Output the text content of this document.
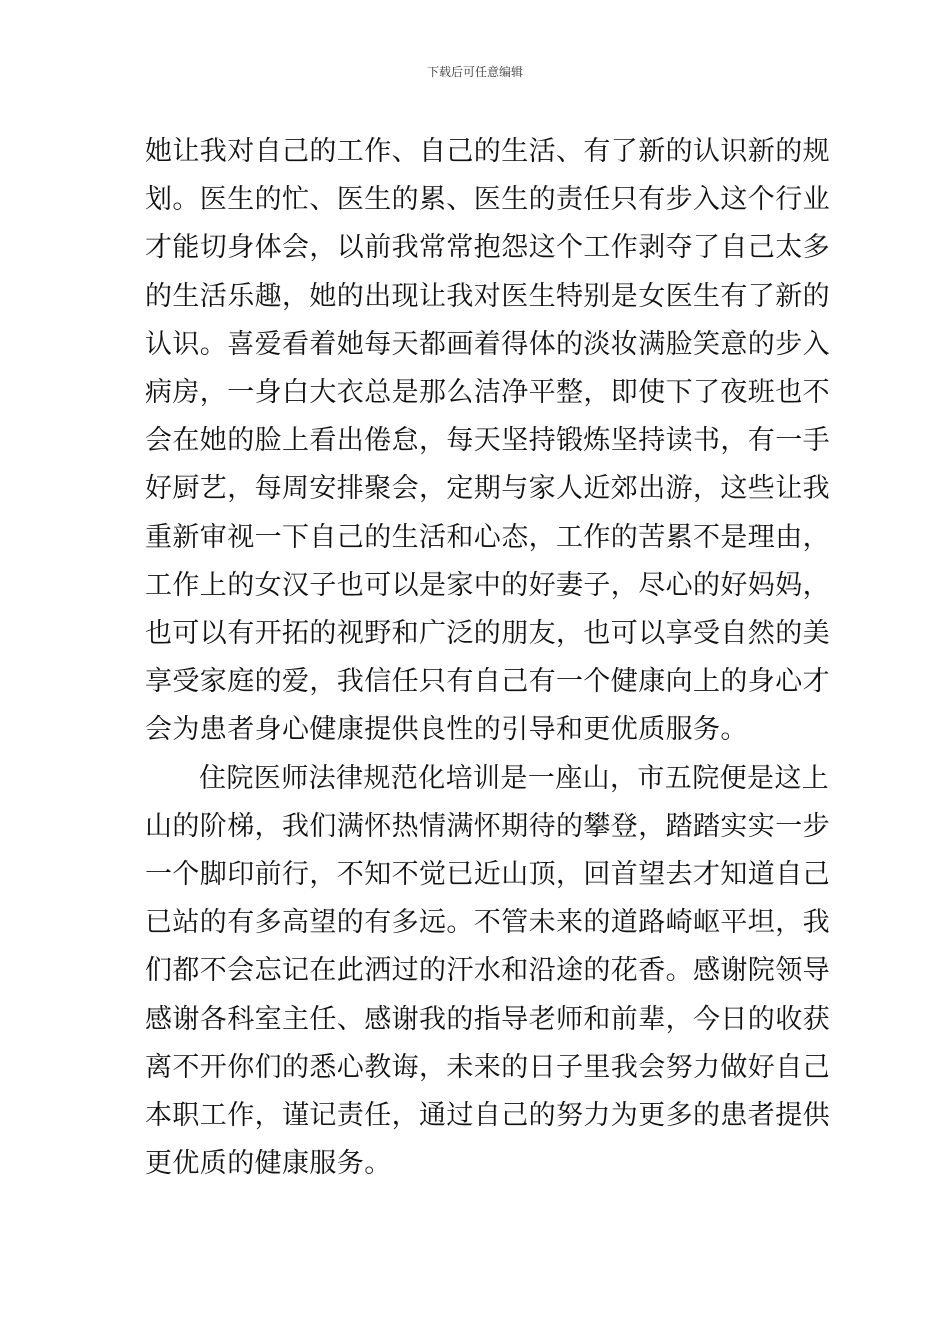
下载后可任意编辑
她让我对自己的工作、自己的生活、有了新的认识新的规
划。医生的忙、医生的累、医生的责任只有步入这个行业
才能切身体会，以前我常常抱怨这个工作剥夺了自己太多
的生活乐趣，她的出现让我对医生特别是女医生有了新的
认识。喜爱看着她每天都画着得体的淡妆满脸笑意的步入
病房，一身白大衣总是那么洁净平整，即使下了夜班也不
会在她的脸上看出倦怠，每天坚持锻炼坚持读书，有一手
好厨艺，每周安排聚会，定期与家人近郊出游，这些让我
重新审视一下自己的生活和心态，工作的苦累不是理由，
工作上的女汉子也可以是家中的好妻子，尽心的好妈妈，
也可以有开拓的视野和广泛的朋友，也可以享受自然的美
享受家庭的爱，我信任只有自己有一个健康向上的身心才
会为患者身心健康提供良性的引导和更优质服务。
住院医师法律规范化培训是一座山，市五院便是这上
山的阶梯，我们满怀热情满怀期待的攀登，踏踏实实一步
一个脚印前行，不知不觉已近山顶，回首望去才知道自己
已站的有多高望的有多远。不管未来的道路崎岖平坦，我
们都不会忘记在此洒过的汗水和沿途的花香。感谢院领导
感谢各科室主任、感谢我的指导老师和前辈，今日的收获
离不开你们的悉心教诲，未来的日子里我会努力做好自己
本职工作，谨记责任，通过自己的努力为更多的患者提供
更优质的健康服务。
